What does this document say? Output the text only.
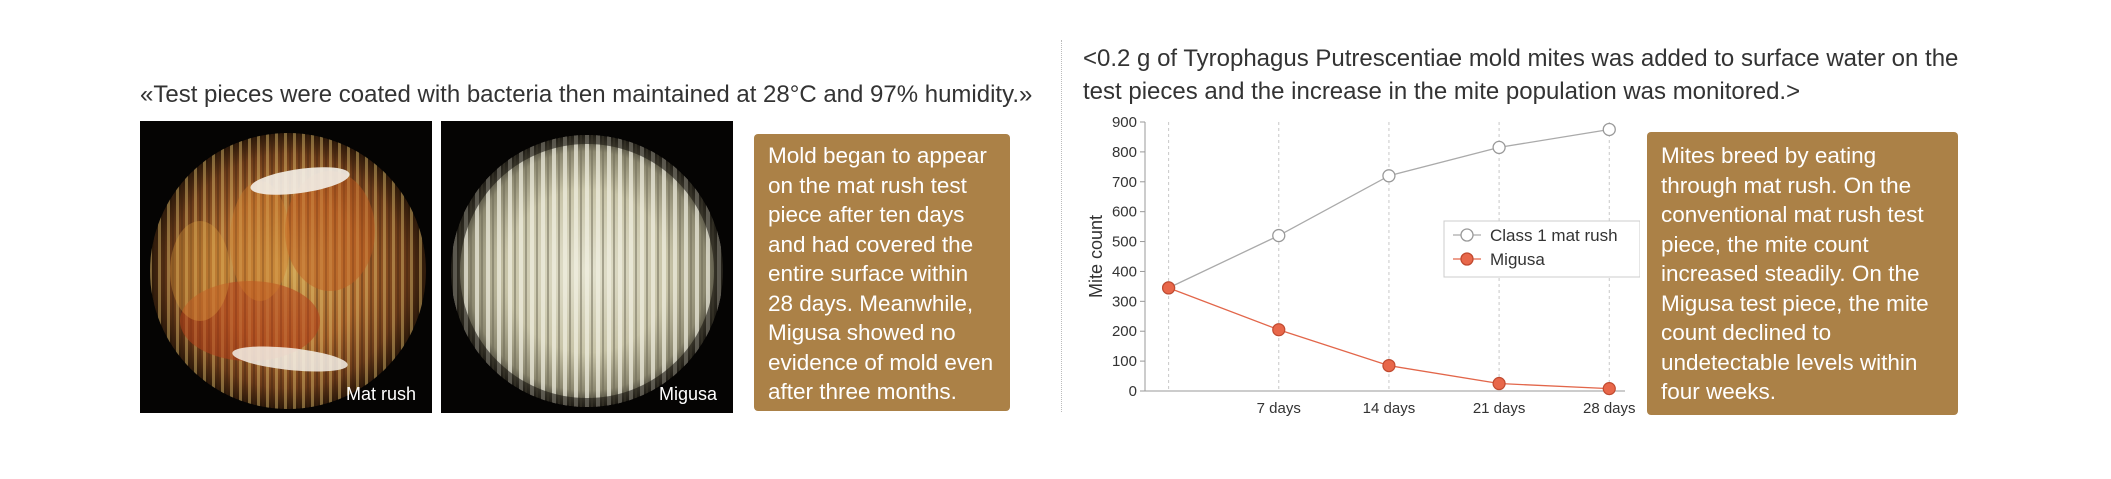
«Test pieces were coated with bacteria then maintained at 28°C and 97% humidity.»
Mat rush	Migusa
Mold began to appear on the mat rush test piece after ten days and had covered the entire surface within 28 days. Meanwhile, Migusa showed no evidence of mold even after three months.
<0.2 g of Tyrophagus Putrescentiae mold mites was added to surface water on the test pieces and the increase in the mite population was monitored.>
0
100
200
300
400
500
600
700
800
900
7 days	14 days	21 days	28 days
Mite count	Class 1 mat rush
Migusa
Mites breed by eating through mat rush. On the conventional mat rush test piece, the mite count increased steadily. On the Migusa test piece, the mite count declined to undetectable levels within four weeks.
